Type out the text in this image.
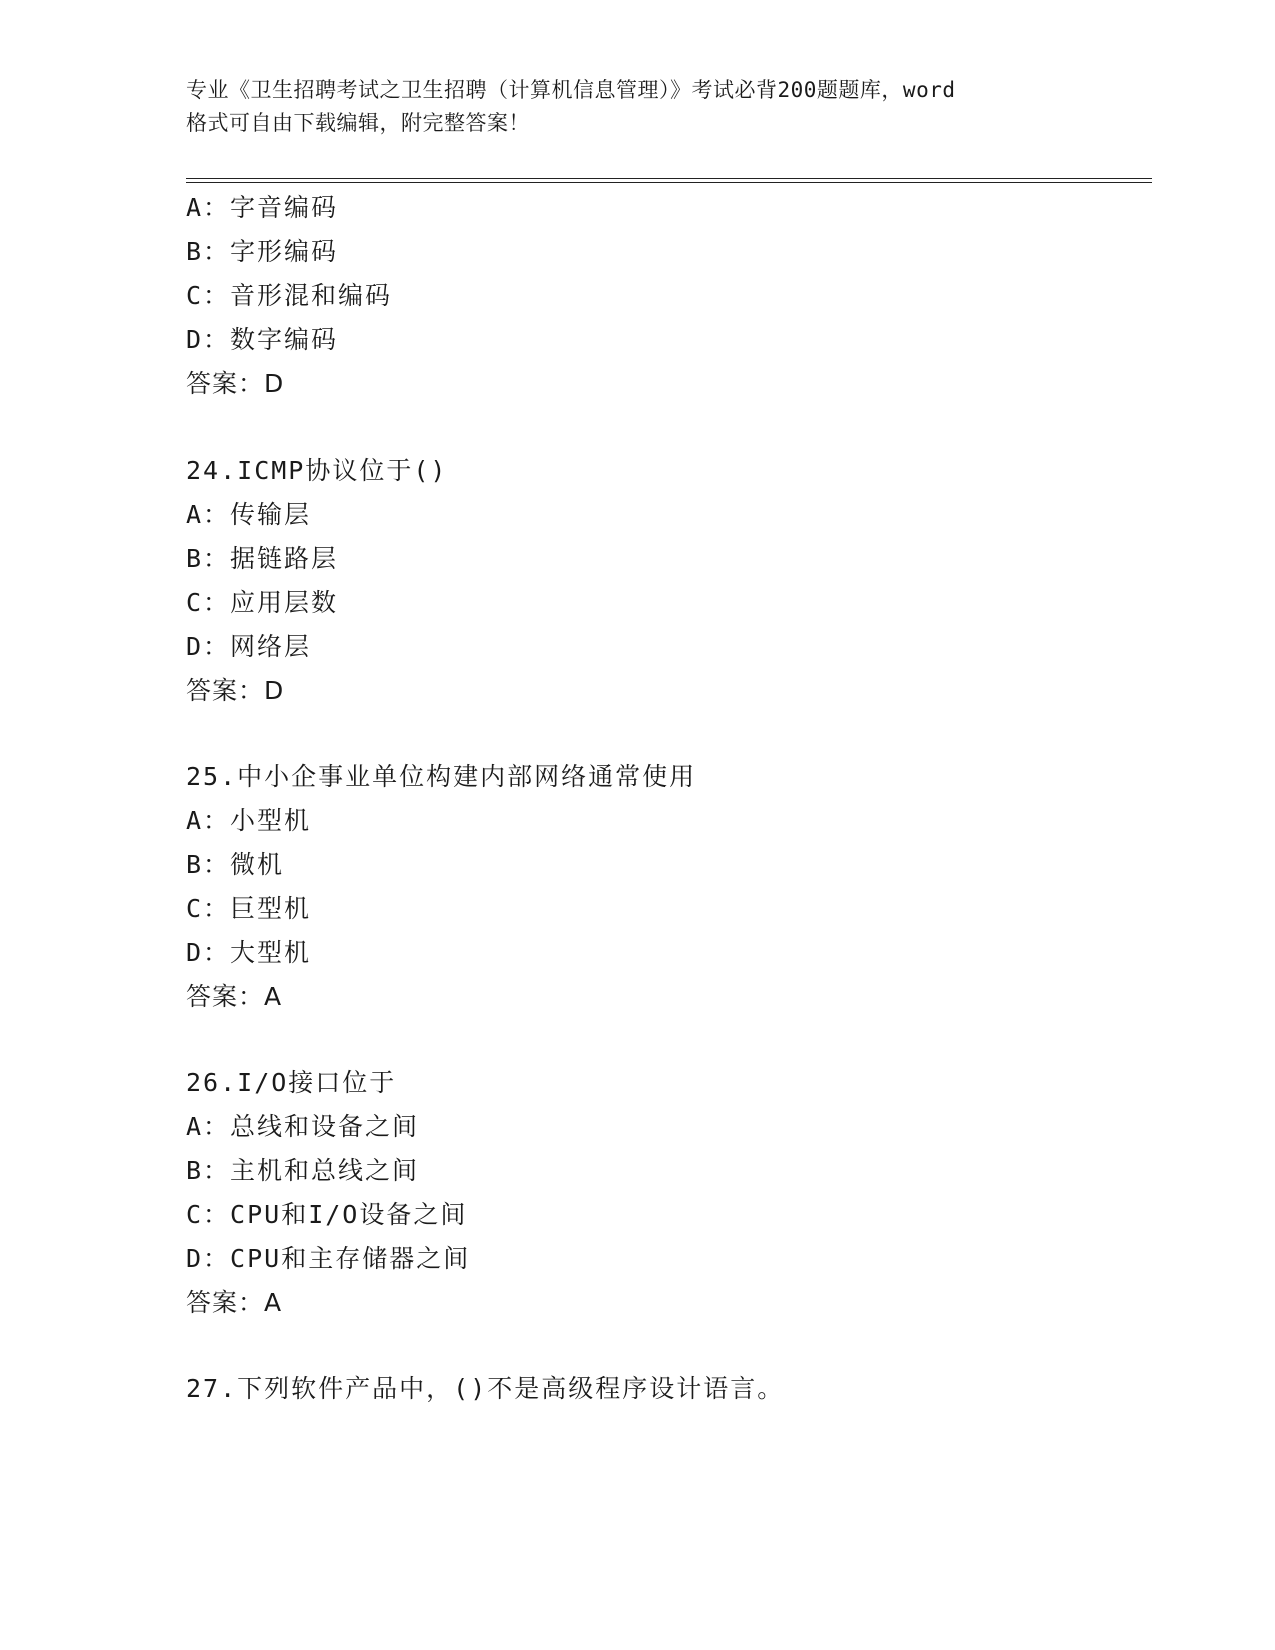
专业《卫生招聘考试之卫生招聘（计算机信息管理）》考试必背200题题库，word
格式可自由下载编辑，附完整答案！
A：字音编码
B：字形编码
C：音形混和编码
D：数字编码
答案：D
24.ICMP协议位于()
A：传输层
B：据链路层
C：应用层数
D：网络层
答案：D
25.中小企事业单位构建内部网络通常使用
A：小型机
B：微机
C：巨型机
D：大型机
答案：A
26.I/O接口位于
A：总线和设备之间
B：主机和总线之间
C：CPU和I/O设备之间
D：CPU和主存储器之间
答案：A
27.下列软件产品中，()不是高级程序设计语言。
